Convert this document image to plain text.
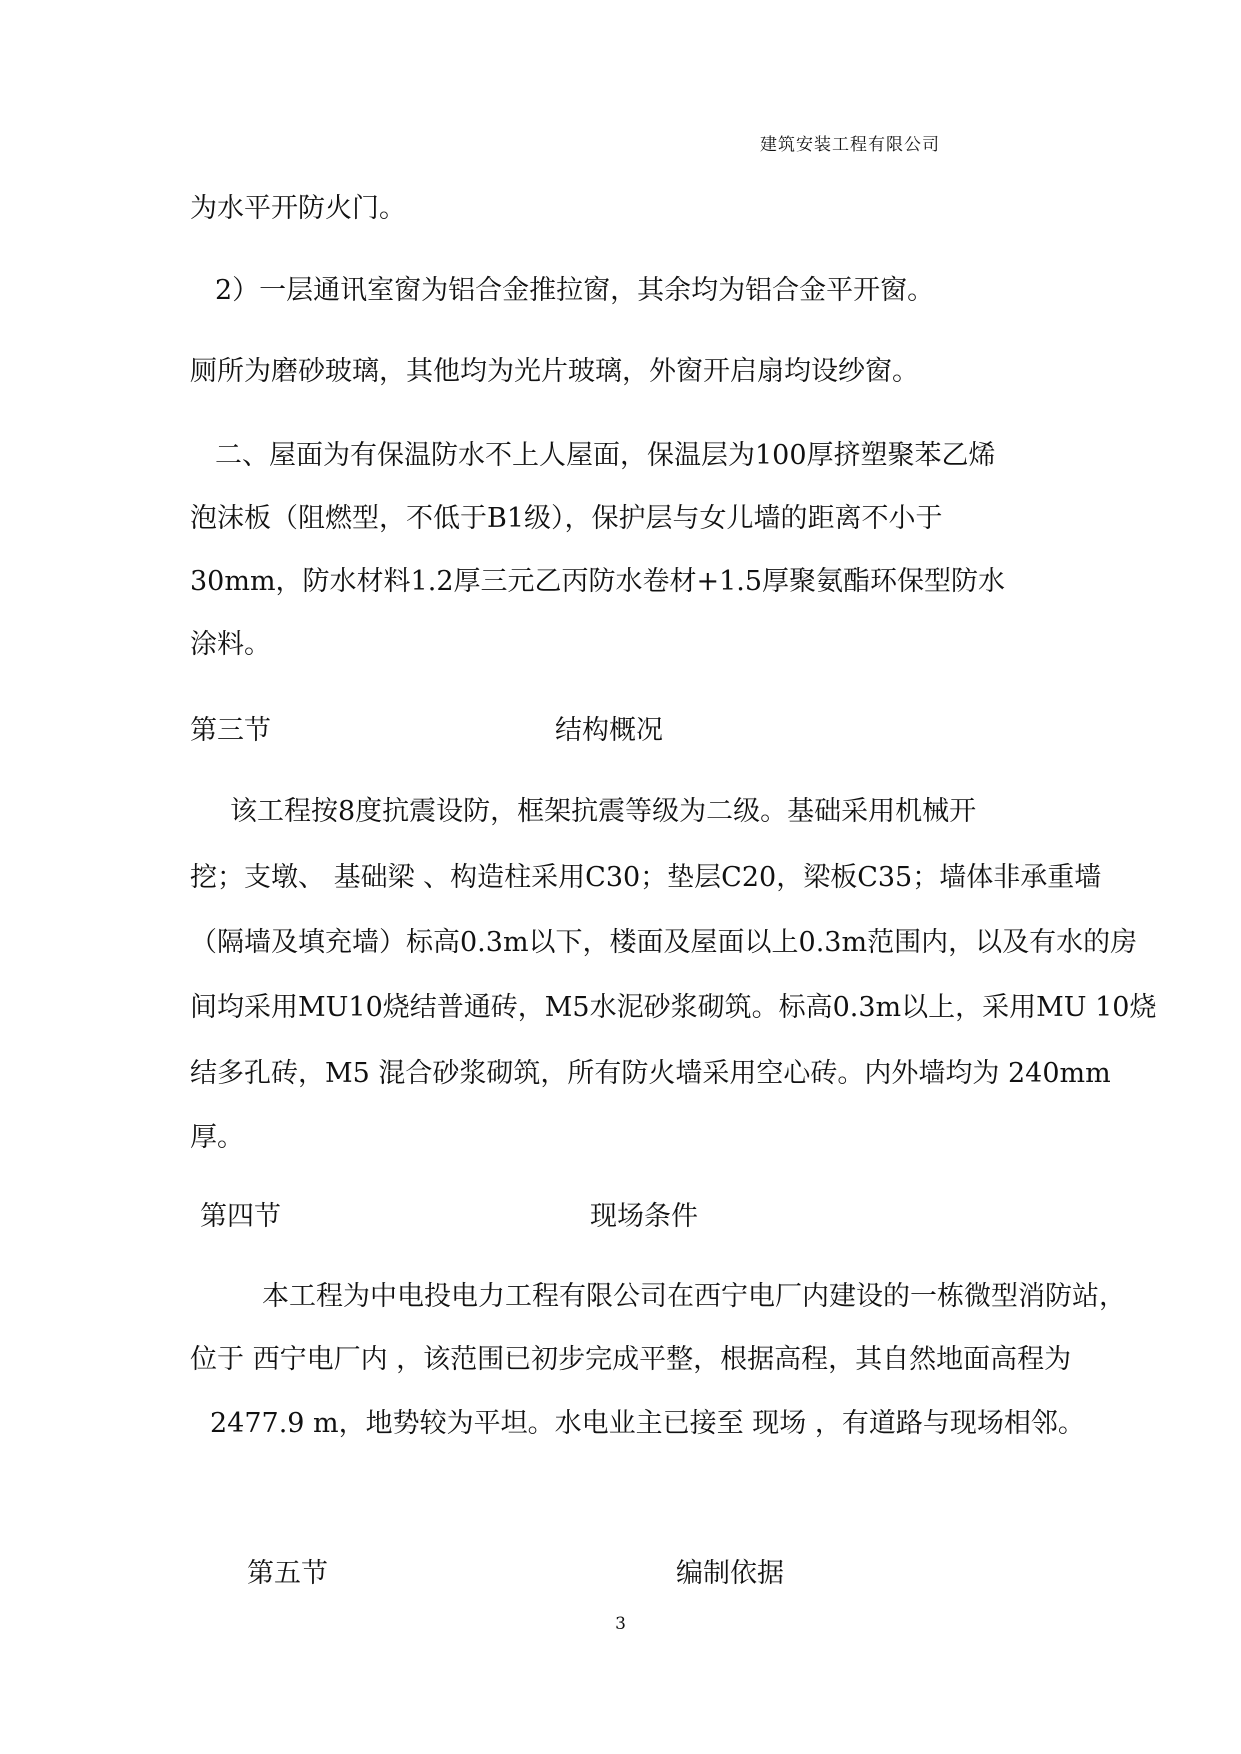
建筑安装工程有限公司
为水平开防火门。
2）一层通讯室窗为铝合金推拉窗，其余均为铝合金平开窗。
厕所为磨砂玻璃，其他均为光片玻璃，外窗开启扇均设纱窗。
二、屋面为有保温防水不上人屋面，保温层为100厚挤塑聚苯乙烯
泡沫板（阻燃型，不低于B1级），保护层与女儿墙的距离不小于
30mm，防水材料1.2厚三元乙丙防水卷材+1.5厚聚氨酯环保型防水
涂料。
第三节	结构概况
该工程按8度抗震设防，框架抗震等级为二级。基础采用机械开
挖；支墩、 基础梁 、构造柱采用C30；垫层C20，梁板C35；墙体非承重墙
（隔墙及填充墙）标高0.3m以下，楼面及屋面以上0.3m范围内，以及有水的房
间均采用MU10烧结普通砖，M5水泥砂浆砌筑。标高0.3m以上，采用MU 10烧
结多孔砖，M5 混合砂浆砌筑，所有防火墙采用空心砖。内外墙均为 240mm
厚。
第四节	现场条件
本工程为中电投电力工程有限公司在西宁电厂内建设的一栋微型消防站，
位于 西宁电厂内 ，该范围已初步完成平整，根据高程，其自然地面高程为
2477.9 m，地势较为平坦。水电业主已接至 现场 ，有道路与现场相邻。
第五节	编制依据
3
